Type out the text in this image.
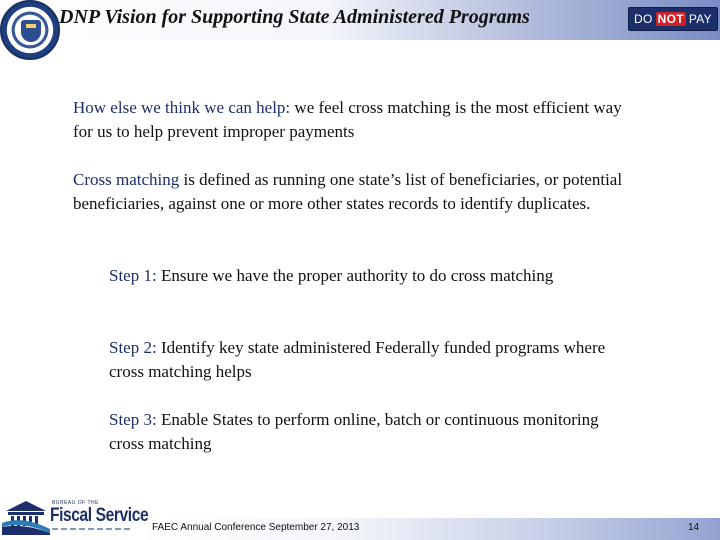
DNP Vision for Supporting State Administered Programs	DO NOT PAY

How else we think we can help: we feel cross matching is the most efficient way for us to help prevent improper payments

Cross matching is defined as running one state’s list of beneficiaries, or potential beneficiaries, against one or more other states records to identify duplicates.

Step 1: Ensure we have the proper authority to do cross matching

Step 2: Identify key state administered Federally funded programs where cross matching helps

Step 3: Enable States to perform online, batch or continuous monitoring cross matching

BUREAU OF THE
Fiscal Service
FAEC Annual Conference September 27, 2013	14
